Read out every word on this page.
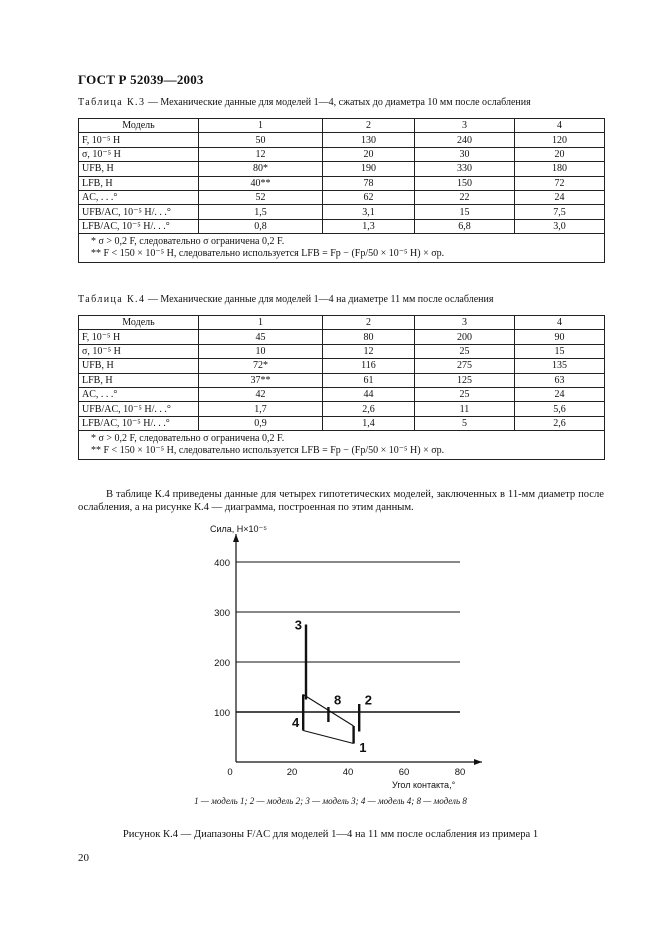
ГОСТ Р 52039—2003
Таблица К.3 — Механические данные для моделей 1—4, сжатых до диаметра 10 мм после ослабления
Модель	1	2	3	4
F, 10⁻⁵ Н	50	130	240	120
σ, 10⁻⁵ Н	12	20	30	20
UFB, Н	80*	190	330	180
LFB, Н	40**	78	150	72
AC, . . .°	52	62	22	24
UFB/AC, 10⁻⁵ Н/. . .°	1,5	3,1	15	7,5
LFB/AC, 10⁻⁵ Н/. . .°	0,8	1,3	6,8	3,0

* σ > 0,2 F, следовательно σ ограничена 0,2 F.
** F < 150 × 10⁻⁵ Н, следовательно используется LFB = Fp − (Fp/50 × 10⁻⁵ Н) × σp.				
Таблица К.4 — Механические данные для моделей 1—4 на диаметре 11 мм после ослабления
Модель	1	2	3	4
F, 10⁻⁵ Н	45	80	200	90
σ, 10⁻⁵ Н	10	12	25	15
UFB, Н	72*	116	275	135
LFB, Н	37**	61	125	63
AC, . . .°	42	44	25	24
UFB/AC, 10⁻⁵ Н/. . .°	1,7	2,6	11	5,6
LFB/AC, 10⁻⁵ Н/. . .°	0,9	1,4	5	2,6

* σ > 0,2 F, следовательно σ ограничена 0,2 F.
** F < 150 × 10⁻⁵ Н, следовательно используется LFB = Fp − (Fp/50 × 10⁻⁵ Н) × σp.				
В таблице К.4 приведены данные для четырех гипотетических моделей, заключенных в 11-мм диаметр после ослабления, а на рисунке К.4 — диаграмма, построенная по этим данным.
100
200
300
400
0	20	40	60	80
Сила, Н×10⁻⁵
Угол контакта,°
1
2
3
4
8
1 — модель 1; 2 — модель 2; 3 — модель 3; 4 — модель 4; 8 — модель 8
Рисунок К.4 — Диапазоны F/AC для моделей 1—4 на 11 мм после ослабления из примера 1
20
